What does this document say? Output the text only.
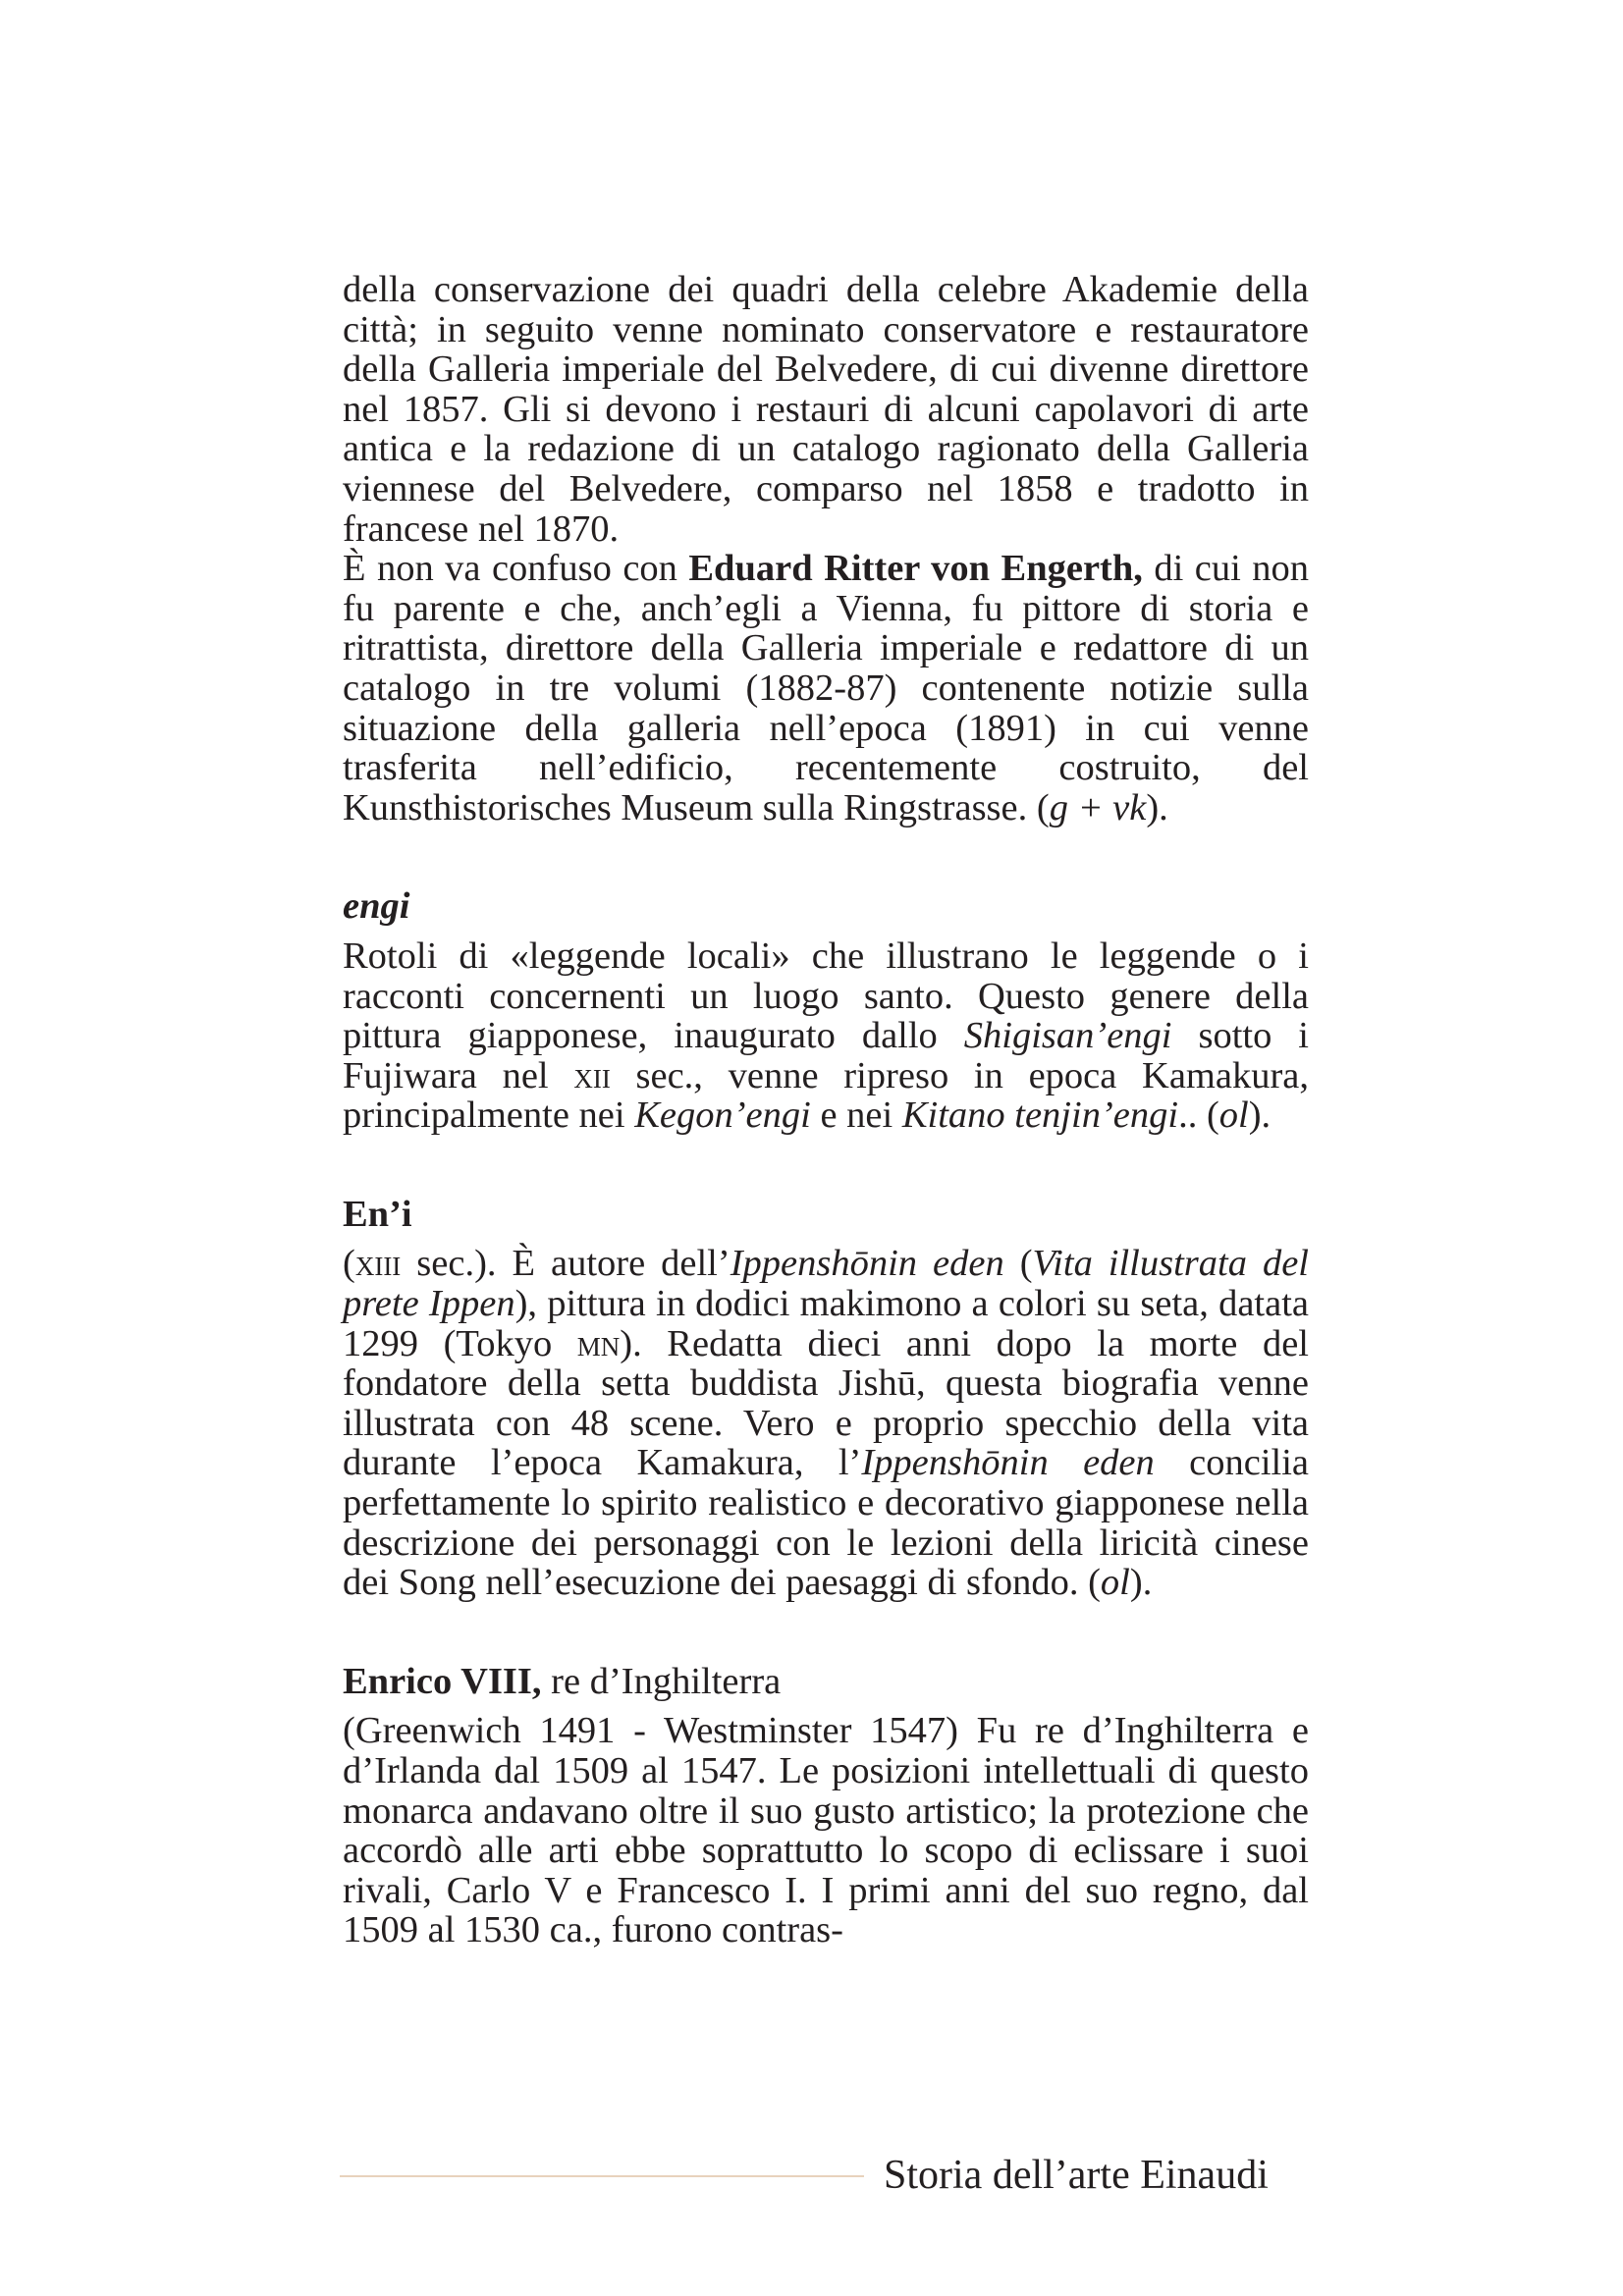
della conservazione dei quadri della celebre Akademie della città; in seguito venne nominato conservatore e restauratore della Galleria imperiale del Belvedere, di cui divenne direttore nel 1857. Gli si devono i restauri di alcuni capolavori di arte antica e la redazione di un catalogo ragionato della Galleria viennese del Belvedere, comparso nel 1858 e tradotto in francese nel 1870.

È non va confuso con Eduard Ritter von Engerth, di cui non fu parente e che, anch’egli a Vienna, fu pittore di storia e ritrattista, direttore della Galleria imperiale e redattore di un catalogo in tre volumi (1882-87) contenente notizie sulla situazione della galleria nell’epoca (1891) in cui venne trasferita nell’edificio, recentemente costruito, del Kunsthistorisches Museum sulla Ringstrasse. (g + vk).

engi

Rotoli di «leggende locali» che illustrano le leggende o i racconti concernenti un luogo santo. Questo genere della pittura giapponese, inaugurato dallo Shigisan’engi sotto i Fujiwara nel xii sec., venne ripreso in epoca Kamakura, principalmente nei Kegon’engi e nei Kitano tenjin’engi.. (ol).

En’i

(xiii sec.). È autore dell’Ippenshōnin eden (Vita illustrata del prete Ippen), pittura in dodici makimono a colori su seta, datata 1299 (Tokyo mn). Redatta dieci anni dopo la morte del fondatore della setta buddista Jishū, questa biografia venne illustrata con 48 scene. Vero e proprio specchio della vita durante l’epoca Kamakura, l’Ippenshōnin eden concilia perfettamente lo spirito realistico e decorativo giapponese nella descrizione dei personaggi con le lezioni della liricità cinese dei Song nell’esecuzione dei paesaggi di sfondo. (ol).

Enrico VIII, re d’Inghilterra

(Greenwich 1491 - Westminster 1547) Fu re d’Inghilterra e d’Irlanda dal 1509 al 1547. Le posizioni intellettuali di questo monarca andavano oltre il suo gusto artistico; la protezione che accordò alle arti ebbe soprattutto lo scopo di eclissare i suoi rivali, Carlo V e Francesco I. I primi anni del suo regno, dal 1509 al 1530 ca., furono contras-

Storia dell’arte Einaudi
